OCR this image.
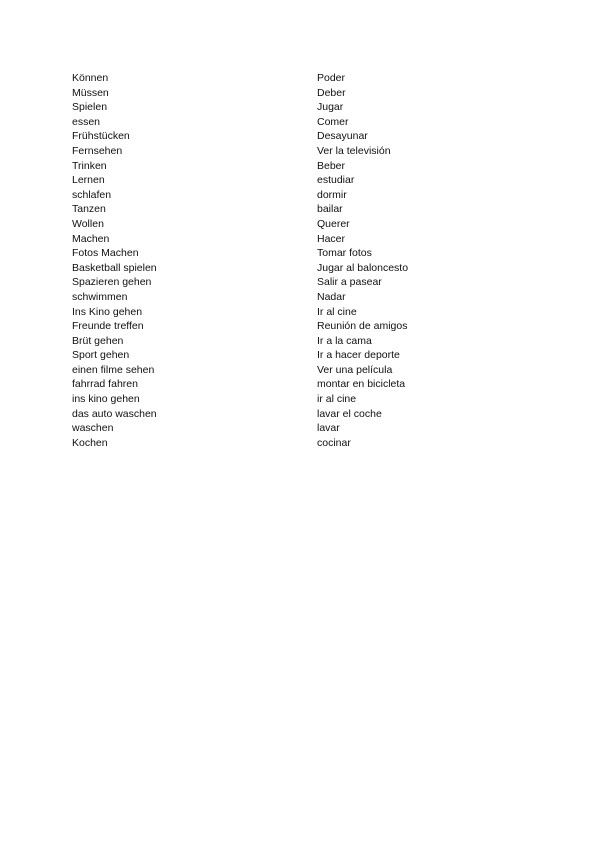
Können	Poder
Müssen	Deber
Spielen	Jugar
essen	Comer
Frühstücken	Desayunar
Fernsehen	Ver la televisión
Trinken	Beber
Lernen	estudiar
schlafen	dormir
Tanzen	bailar
Wollen	Querer
Machen	Hacer
Fotos Machen	Tomar fotos
Basketball spielen	Jugar al baloncesto
Spazieren gehen	Salir a pasear
schwimmen	Nadar
Ins Kino gehen	Ir al cine
Freunde treffen	Reunión de amigos
Brüt gehen	Ir a la cama
Sport gehen	Ir a hacer deporte
einen filme sehen	Ver una película
fahrrad fahren	montar en bicicleta
ins kino gehen	ir al cine
das auto waschen	lavar el coche
waschen	lavar
Kochen	cocinar
